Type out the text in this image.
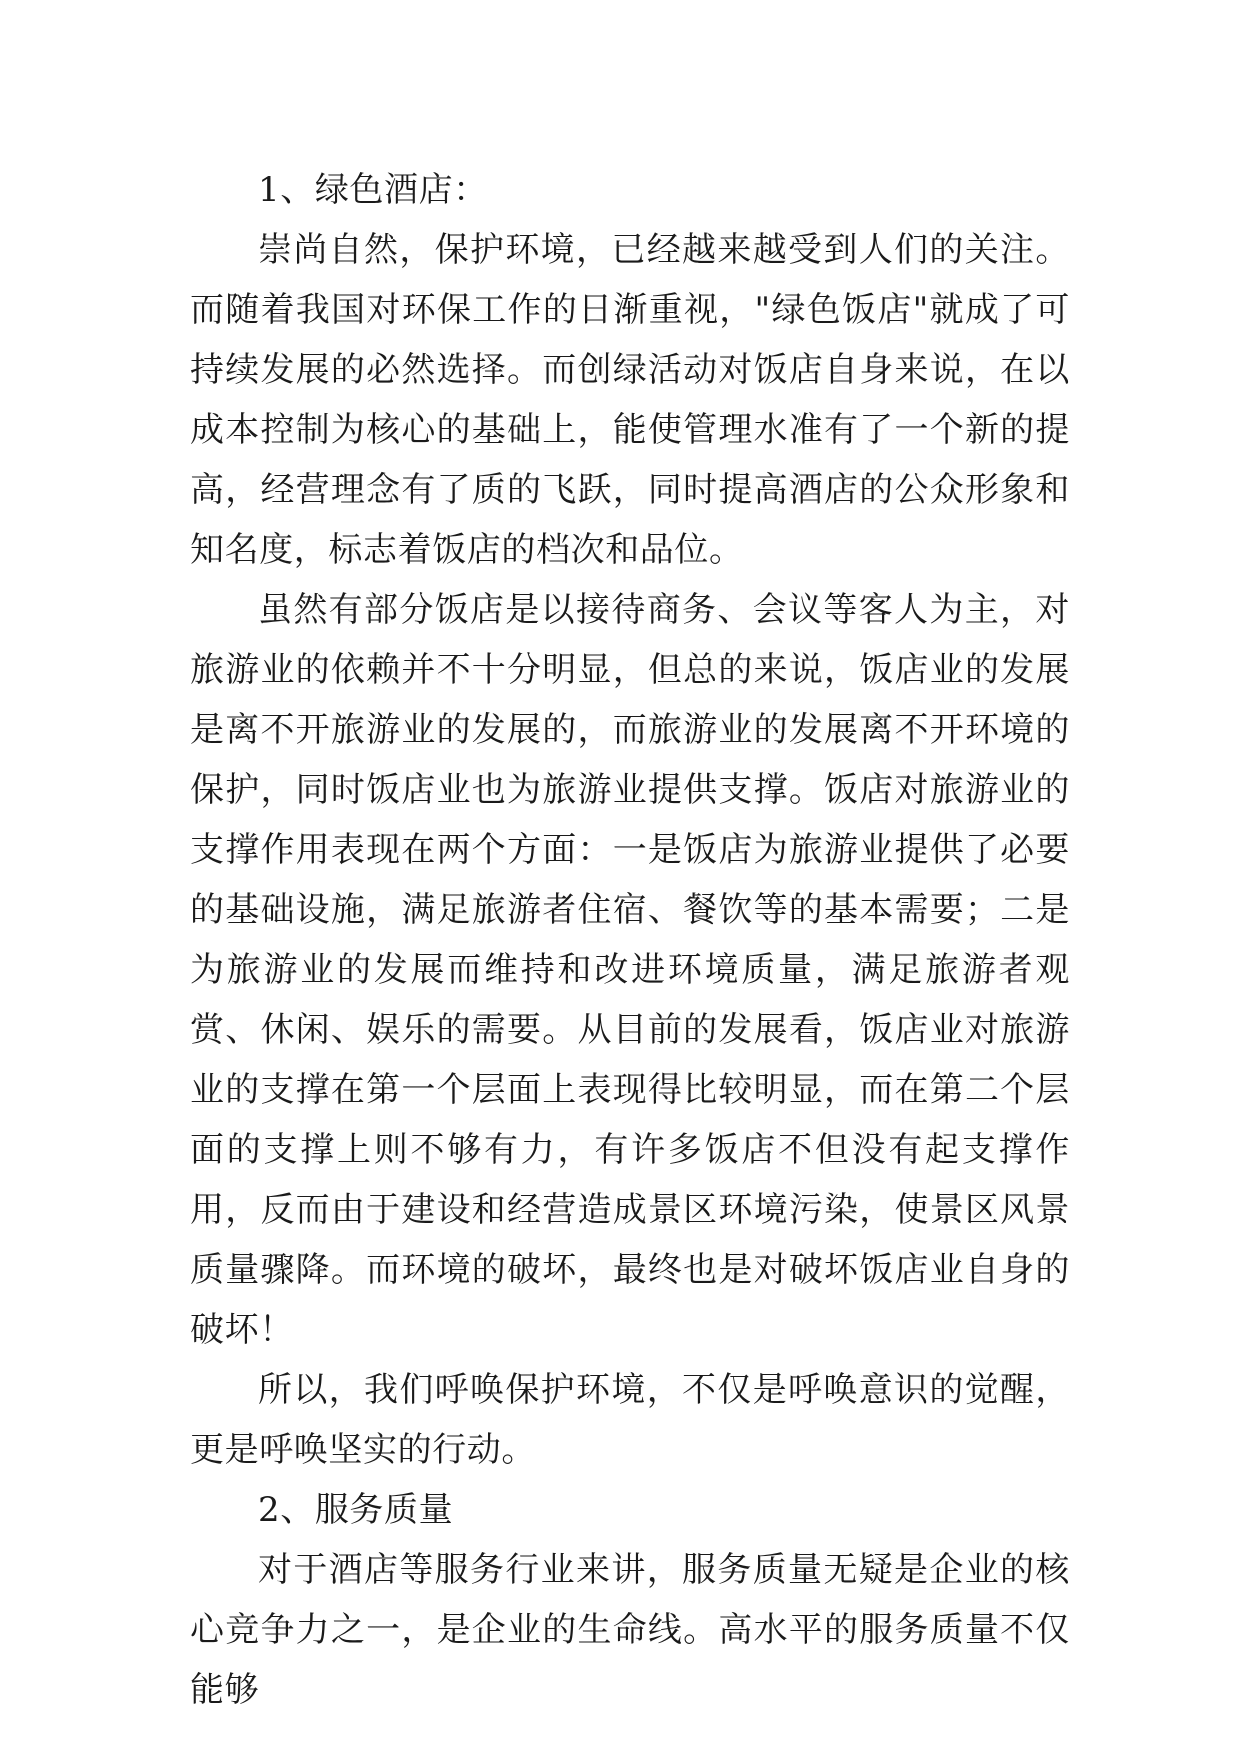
1、绿色酒店：

崇尚自然，保护环境，已经越来越受到人们的关注。而随着我国对环保工作的日渐重视，"绿色饭店"就成了可持续发展的必然选择。而创绿活动对饭店自身来说，在以成本控制为核心的基础上，能使管理水准有了一个新的提高，经营理念有了质的飞跃，同时提高酒店的公众形象和知名度，标志着饭店的档次和品位。

虽然有部分饭店是以接待商务、会议等客人为主，对旅游业的依赖并不十分明显，但总的来说，饭店业的发展是离不开旅游业的发展的，而旅游业的发展离不开环境的保护，同时饭店业也为旅游业提供支撑。饭店对旅游业的支撑作用表现在两个方面：一是饭店为旅游业提供了必要的基础设施，满足旅游者住宿、餐饮等的基本需要；二是为旅游业的发展而维持和改进环境质量，满足旅游者观赏、休闲、娱乐的需要。从目前的发展看，饭店业对旅游业的支撑在第一个层面上表现得比较明显，而在第二个层面的支撑上则不够有力，有许多饭店不但没有起支撑作用，反而由于建设和经营造成景区环境污染，使景区风景质量骤降。而环境的破坏，最终也是对破坏饭店业自身的破坏！

所以，我们呼唤保护环境，不仅是呼唤意识的觉醒，更是呼唤坚实的行动。

2、服务质量

对于酒店等服务行业来讲，服务质量无疑是企业的核心竞争力之一，是企业的生命线。高水平的服务质量不仅能够
